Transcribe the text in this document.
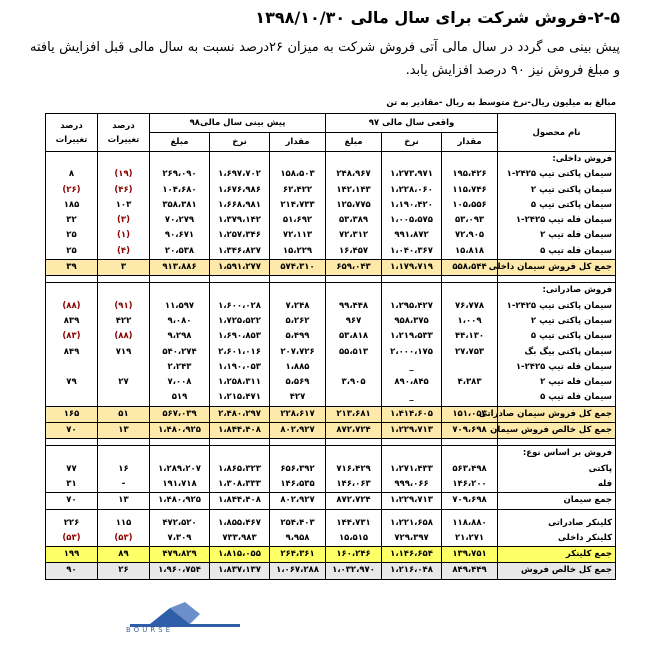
۲-۵-فروش شرکت برای سال مالی ۱۳۹۸/۱۰/۳۰
پیش بینی می گردد در سال مالی آتی فروش شرکت به میزان ۲۶درصد نسبت به سال مالی قبل افزایش یافته و مبلغ فروش نیز ۹۰ درصد افزایش یابد.
مبالغ به میلیون ریال-نرخ متوسط به ریال -مقادیر به تن
نام محصول	واقعی سال مالی ۹۷			پیش بینی سال مالی۹۸			درصد تغییرات	درصد تغییرات
	مقدار	نرخ	مبلغ	مقدار	نرخ	مبلغ		
فروش داخلی:								
سیمان پاکتی تیپ ۲۴۲۵-۱	۱۹۵،۴۲۶	۱،۲۷۳،۹۷۱	۲۴۸،۹۶۷	۱۵۸،۵۰۳	۱،۶۹۷،۷۰۲	۲۶۹،۰۹۰	(۱۹)	۸
سیمان پاکتی تیپ ۲	۱۱۵،۷۴۶	۱،۲۲۸،۰۶۰	۱۴۲،۱۴۳	۶۲،۴۲۲	۱،۶۷۶،۹۸۶	۱۰۴،۶۸۰	(۴۶)	(۲۶)
سیمان پاکتی تیپ ۵	۱۰۵،۵۵۶	۱،۱۹۰،۴۲۰	۱۲۵،۷۷۵	۲۱۴،۷۳۳	۱،۶۶۸،۹۸۱	۳۵۸،۳۸۱	۱۰۳	۱۸۵
سیمان فله تیپ ۲۴۲۵-۱	۵۳،۰۹۳	۱،۰۰۵،۵۷۵	۵۳،۳۸۹	۵۱،۶۹۲	۱،۳۷۹،۱۴۲	۷۰،۲۷۹	(۳)	۳۲
سیمان فله تیپ ۲	۷۲،۹۰۵	۹۹۱،۸۷۲	۷۲،۳۱۲	۷۲،۱۱۳	۱،۲۵۷،۳۴۶	۹۰،۶۷۱	(۱)	۲۵
سیمان فله تیپ ۵	۱۵،۸۱۸	۱،۰۴۰،۳۶۷	۱۶،۴۵۷	۱۵،۲۲۹	۱،۳۴۶،۸۲۷	۲۰،۵۳۸	(۴)	۲۵
جمع کل فروش سیمان داخلی	۵۵۸،۵۴۴	۱،۱۷۹،۷۱۹	۶۵۹،۰۴۳	۵۷۴،۳۱۰	۱،۵۹۱،۲۷۷	۹۱۳،۸۸۶	۳	۳۹

فروش صادراتی:								
سیمان پاکتی تیپ ۲۴۲۵-۱	۷۶،۷۷۸	۱،۲۹۵،۴۲۷	۹۹،۴۴۸	۷،۲۴۸	۱،۶۰۰،۰۲۸	۱۱،۵۹۷	(۹۱)	(۸۸)
سیمان پاکتی تیپ ۲	۱،۰۰۹	۹۵۸،۳۷۵	۹۶۷	۵،۲۶۲	۱،۷۲۵،۵۲۲	۹،۰۸۰	۴۲۲	۸۳۹
سیمان پاکتی تیپ ۵	۴۴،۱۳۰	۱،۲۱۹،۵۳۳	۵۳،۸۱۸	۵،۴۹۹	۱،۶۹۰،۸۵۳	۹،۲۹۸	(۸۸)	(۸۳)
سیمان پاکتی بیگ بگ	۲۷،۷۵۳	۲،۰۰۰،۱۷۵	۵۵،۵۱۳	۲۰۷،۷۲۶	۲،۶۰۱،۰۱۶	۵۴۰،۲۷۴	۷۱۹	۸۴۹
سیمان فله تیپ ۲۴۲۵-۱		_		۱،۸۸۵	۱،۱۹۰،۰۵۳	۲،۲۴۳		
سیمان فله تیپ ۲	۴،۳۸۳	۸۹۰،۸۴۵	۳،۹۰۵	۵،۵۶۹	۱،۲۵۸،۳۱۱	۷،۰۰۸	۲۷	۷۹
سیمان فله تیپ ۵		_		۴۲۷	۱،۲۱۵،۴۷۱	۵۱۹		
جمع کل فروش سیمان صادراتی	۱۵۱،۰۵۳	۱،۴۱۴،۶۰۵	۲۱۳،۶۸۱	۲۲۸،۶۱۷	۲،۴۸۰،۲۹۷	۵۶۷،۰۳۹	۵۱	۱۶۵
جمع کل خالص فروش سیمان	۷۰۹،۶۹۸	۱،۲۲۹،۷۱۳	۸۷۲،۷۲۴	۸۰۲،۹۲۷	۱،۸۴۴،۴۰۸	۱،۴۸۰،۹۲۵	۱۳	۷۰

فروش بر اساس نوع:								
پاکتی	۵۶۳،۴۹۸	۱،۲۷۱،۴۳۳	۷۱۶،۴۲۹	۶۵۶،۳۹۲	۱،۸۶۵،۳۲۳	۱،۲۸۹،۲۰۷	۱۶	۷۷
فله	۱۴۶،۲۰۰	۹۹۹،۰۶۶	۱۴۶،۰۶۳	۱۴۶،۵۳۵	۱،۳۰۸،۳۳۳	۱۹۱،۷۱۸	-	۳۱
جمع سیمان	۷۰۹،۶۹۸	۱،۲۲۹،۷۱۳	۸۷۲،۷۲۴	۸۰۲،۹۲۷	۱،۸۴۴،۴۰۸	۱،۴۸۰،۹۲۵	۱۳	۷۰

کلینکر صادراتی	۱۱۸،۸۸۰	۱،۲۲۱،۶۵۸	۱۴۴،۷۳۱	۲۵۴،۴۰۳	۱،۸۵۵،۴۶۷	۴۷۲،۵۲۰	۱۱۵	۲۲۶
کلینکر داخلی	۲۱،۲۷۱	۷۲۹،۳۹۷	۱۵،۵۱۵	۹،۹۵۸	۷۳۳،۹۸۳	۷،۳۰۹	(۵۳)	(۵۳)
جمع کلینکر	۱۳۹،۷۵۱	۱،۱۴۶،۶۵۴	۱۶۰،۲۴۶	۲۶۴،۳۶۱	۱،۸۱۵،۰۵۵	۴۷۹،۸۲۹	۸۹	۱۹۹
جمع کل خالص فروش	۸۴۹،۴۴۹	۱،۲۱۶،۰۴۸	۱،۰۳۲،۹۷۰	۱،۰۶۷،۲۸۸	۱،۸۳۷،۱۳۷	۱،۹۶۰،۷۵۴	۲۶	۹۰
BOURSE
